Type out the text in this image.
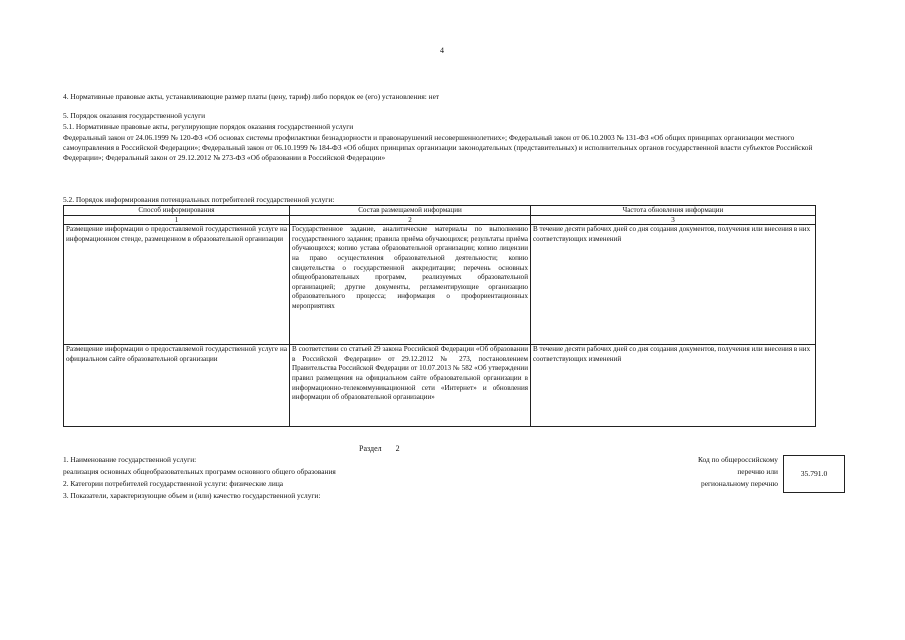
4
4. Нормативные правовые акты, устанавливающие размер платы (цену, тариф) либо порядок ее (его) установления: нет
5. Порядок оказания государственной услуги
5.1. Нормативные правовые акты, регулирующие порядок оказания государственной услуги
Федеральный закон от 24.06.1999 № 120-ФЗ «Об основах системы профилактики безнадзорности и правонарушений несовершеннолетних»; Федеральный закон от 06.10.2003 № 131-ФЗ «Об общих принципах организации местного самоуправления в Российской Федерации»; Федеральный закон от 06.10.1999 № 184-ФЗ «Об общих принципах организации законодательных (представительных) и исполнительных органов государственной власти субъектов Российской Федерации»; Федеральный закон от 29.12.2012 № 273-ФЗ «Об образовании в Российской Федерации»
5.2. Порядок информирования потенциальных потребителей государственной услуги:
Способ информирования	Состав размещаемой информации	Частота обновления информации
1	2	3
Размещение информации о предоставляемой государственной услуге на информационном стенде, размещенном в образовательной организации	Государственное задание, аналитические материалы по выполнению государственного задания; правила приёма обучающихся; результаты приёма обучающихся; копию устава образовательной организации; копию лицензии на право осуществления образовательной деятельности; копию свидетельства о государственной аккредитации; перечень основных общеобразовательных программ, реализуемых образовательной организацией; другие документы, регламентирующие организацию образовательного процесса; информация о профориентационных мероприятиях	В течение десяти рабочих дней со дня создания документов, получения или внесения в них соответствующих изменений
Размещение информации о предоставляемой государственной услуге на официальном сайте образовательной организации	В соответствии со статьей 29 закона Российской Федерации «Об образовании в Российской Федерации» от 29.12.2012 № 273, постановлением Правительства Российской Федерации от 10.07.2013 № 582 «Об утверждении правил размещения на официальном сайте образовательной организации в информационно-телекоммуникационной сети «Интернет» и обновления информации об образовательной организации»	В течение десяти рабочих дней со дня создания документов, получения или внесения в них соответствующих изменений
Раздел 2
1. Наименование государственной услуги:
реализация основных общеобразовательных программ основного общего образования
2. Категории потребителей государственной услуги: физические лица
3. Показатели, характеризующие объем и (или) качество государственной услуги:
Код по общероссийскому
перечню или
региональному перечню
35.791.0
